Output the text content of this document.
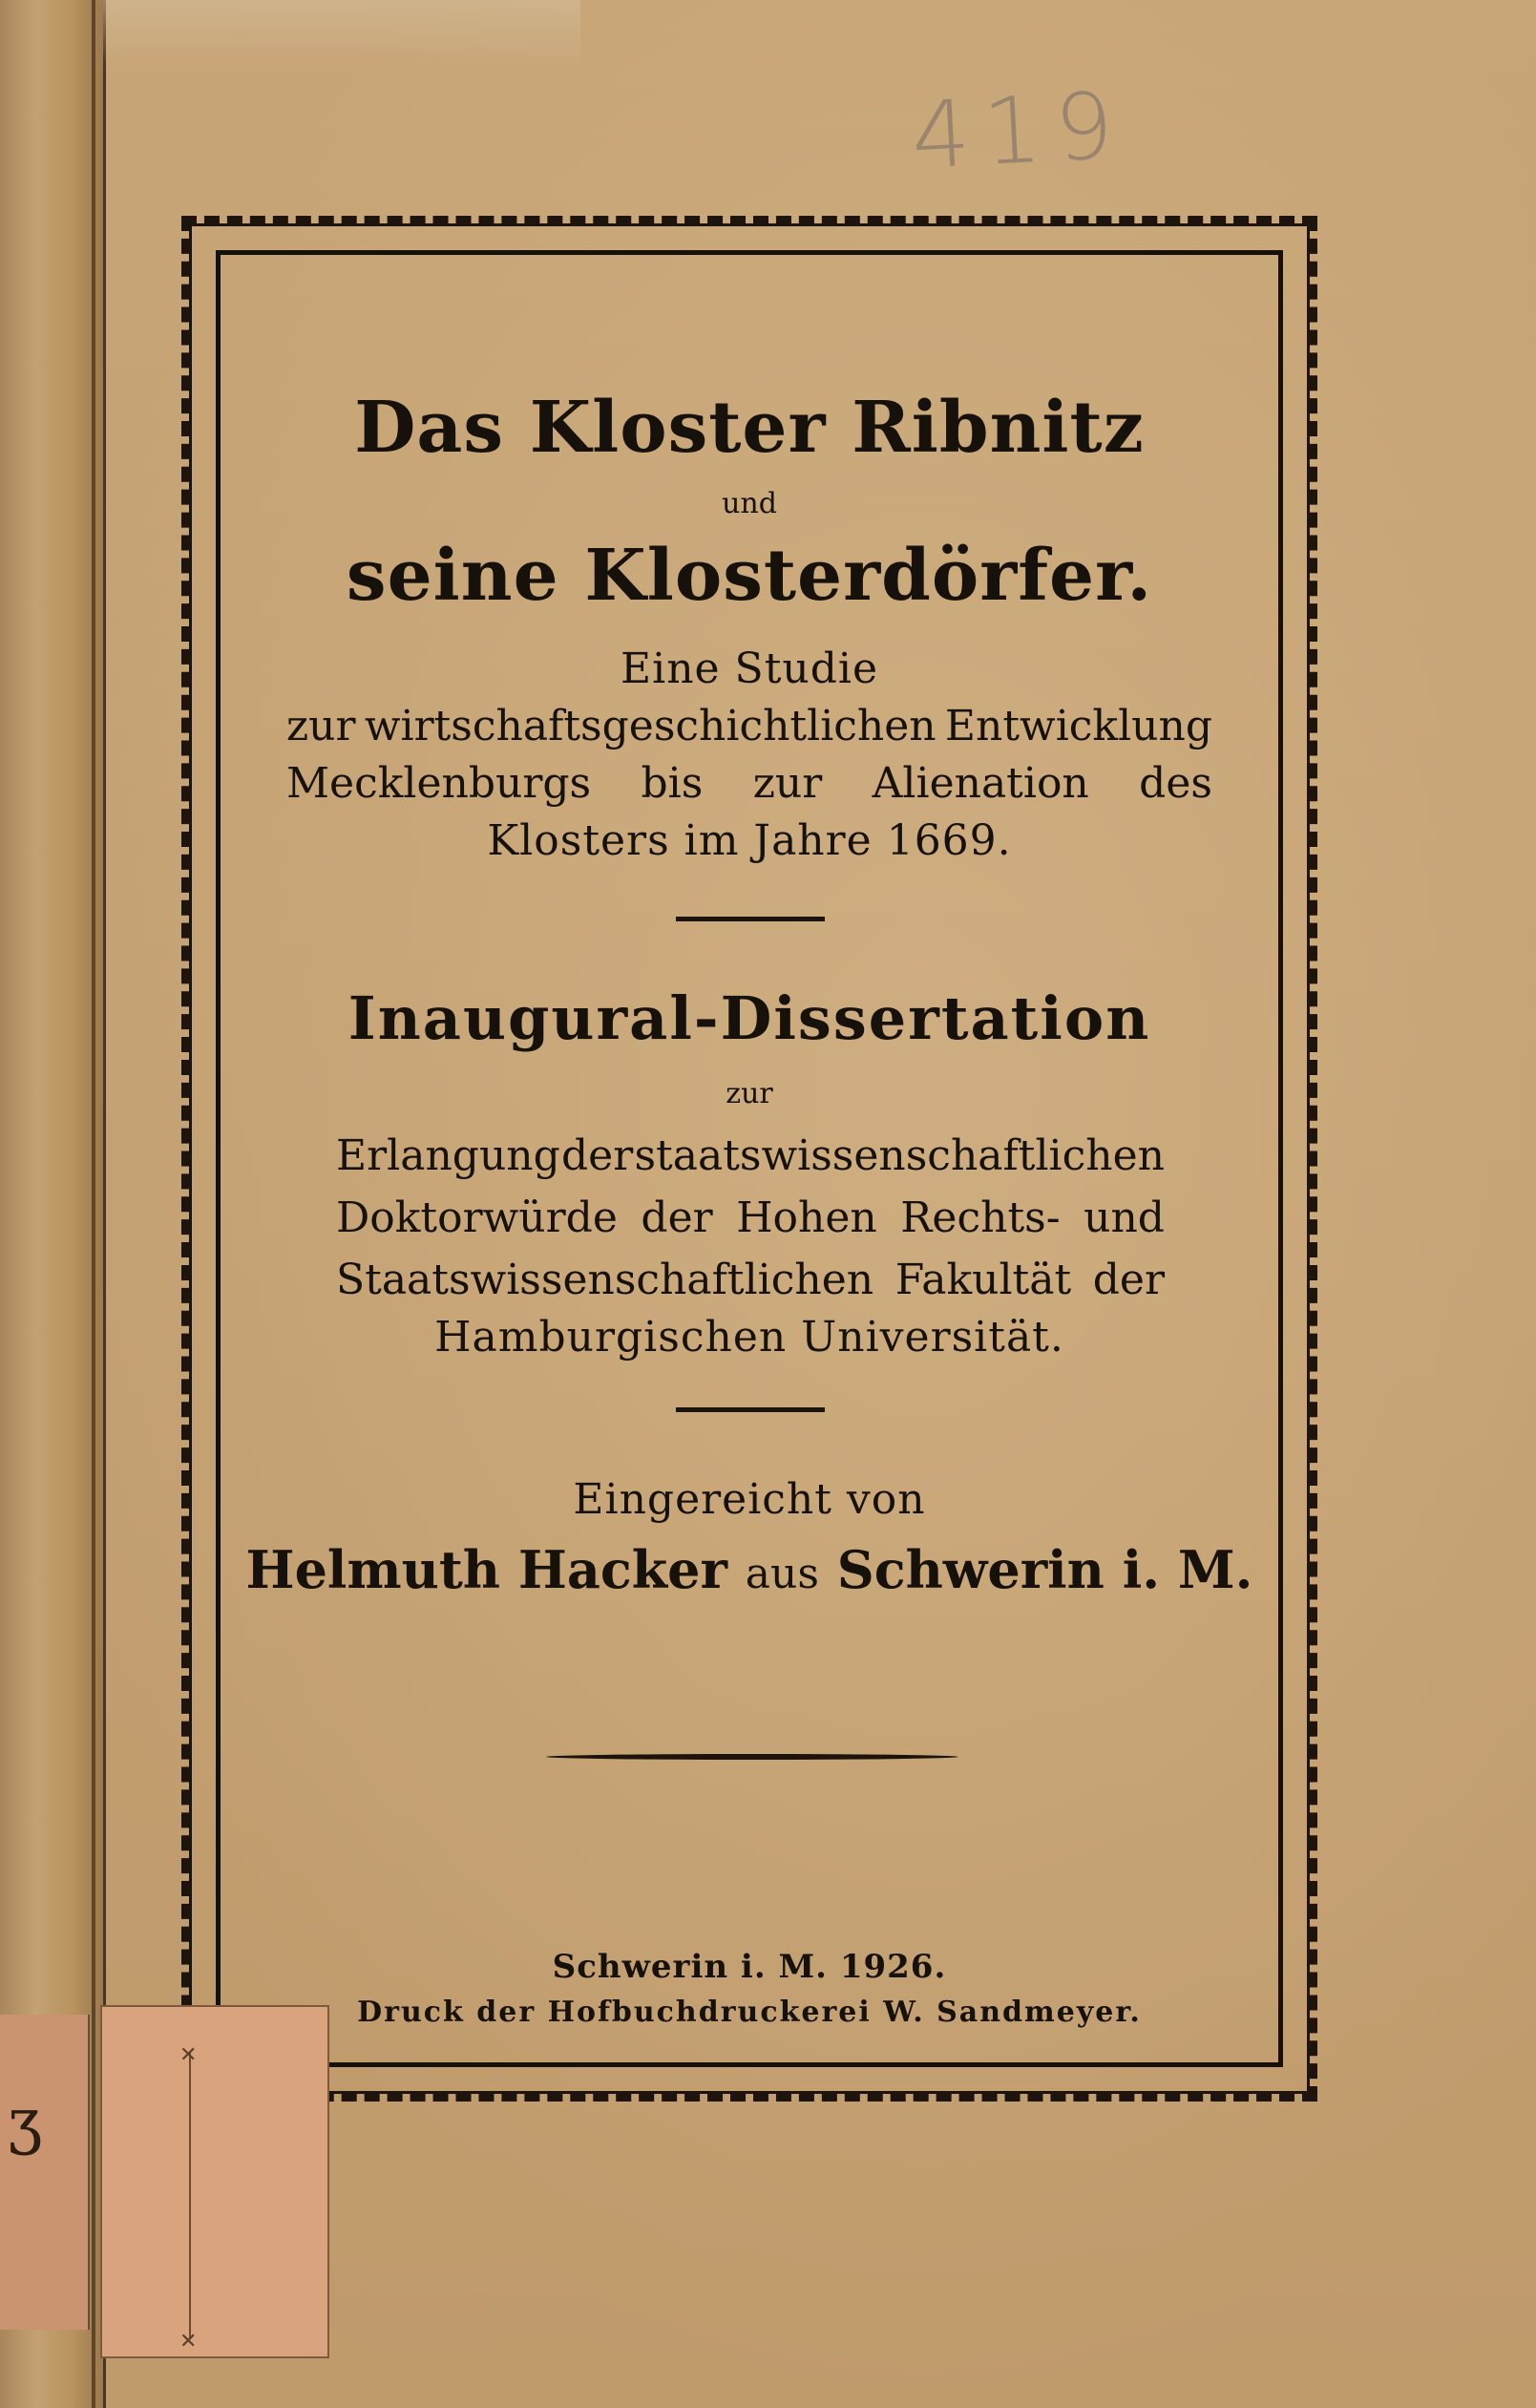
419

Das Kloster Ribnitz

und

seine Klosterdörfer.

Eine Studie

zur wirtschaftsgeschichtlichen Entwicklung
Mecklenburgs bis zur Alienation des

Klosters im Jahre 1669.

Inaugural-Dissertation

zur

Erlangung der staatswissenschaftlichen
Doktorwürde der Hohen Rechts- und
Staatswissenschaftlichen Fakultät der

Hamburgischen Universität.

Eingereicht von

Helmuth Hacker aus Schwerin i. M.

Schwerin i. M. 1926.

Druck der Hofbuchdruckerei W. Sandmeyer.

ʒ
✕
✕
